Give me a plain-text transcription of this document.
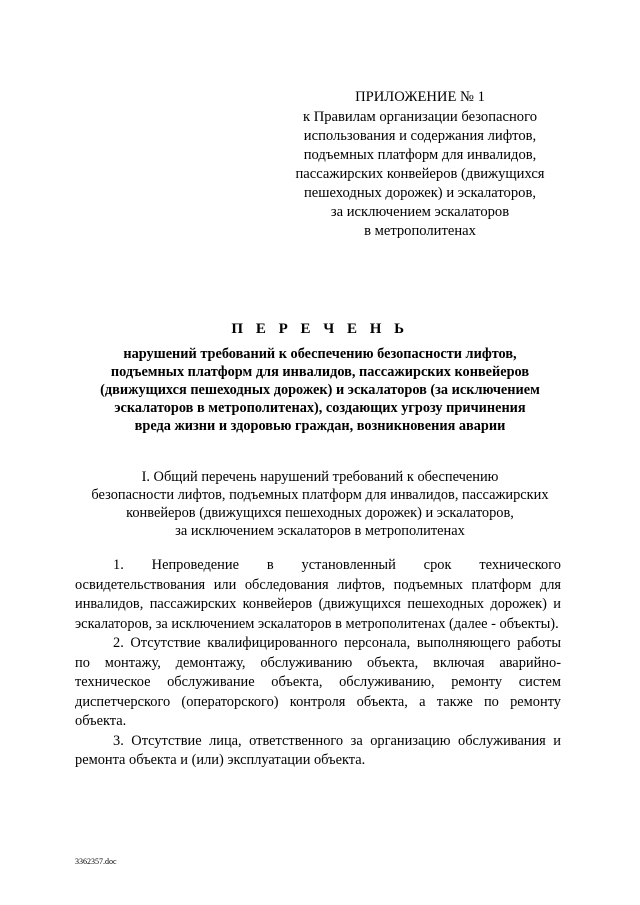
ПРИЛОЖЕНИЕ № 1
к Правилам организации безопасного
использования и содержания лифтов,
подъемных платформ для инвалидов,
пассажирских конвейеров (движущихся
пешеходных дорожек) и эскалаторов,
за исключением эскалаторов
в метрополитенах
П Е Р Е Ч Е Н Ь
нарушений требований к обеспечению безопасности лифтов,
подъемных платформ для инвалидов, пассажирских конвейеров
(движущихся пешеходных дорожек) и эскалаторов (за исключением
эскалаторов в метрополитенах), создающих угрозу причинения
вреда жизни и здоровью граждан, возникновения аварии
I. Общий перечень нарушений требований к обеспечению
безопасности лифтов, подъемных платформ для инвалидов, пассажирских
конвейеров (движущихся пешеходных дорожек) и эскалаторов,
за исключением эскалаторов в метрополитенах

1. Непроведение в установленный срок технического освидетельствования или обследования лифтов, подъемных платформ для инвалидов, пассажирских конвейеров (движущихся пешеходных дорожек) и эскалаторов, за исключением эскалаторов в метрополитенах (далее - объекты).

2. Отсутствие квалифицированного персонала, выполняющего работы по монтажу, демонтажу, обслуживанию объекта, включая аварийно-техническое обслуживание объекта, обслуживанию, ремонту систем диспетчерского (операторского) контроля объекта, а также по ремонту объекта.

3. Отсутствие лица, ответственного за организацию обслуживания и ремонта объекта и (или) эксплуатации объекта.

3362357.doc
